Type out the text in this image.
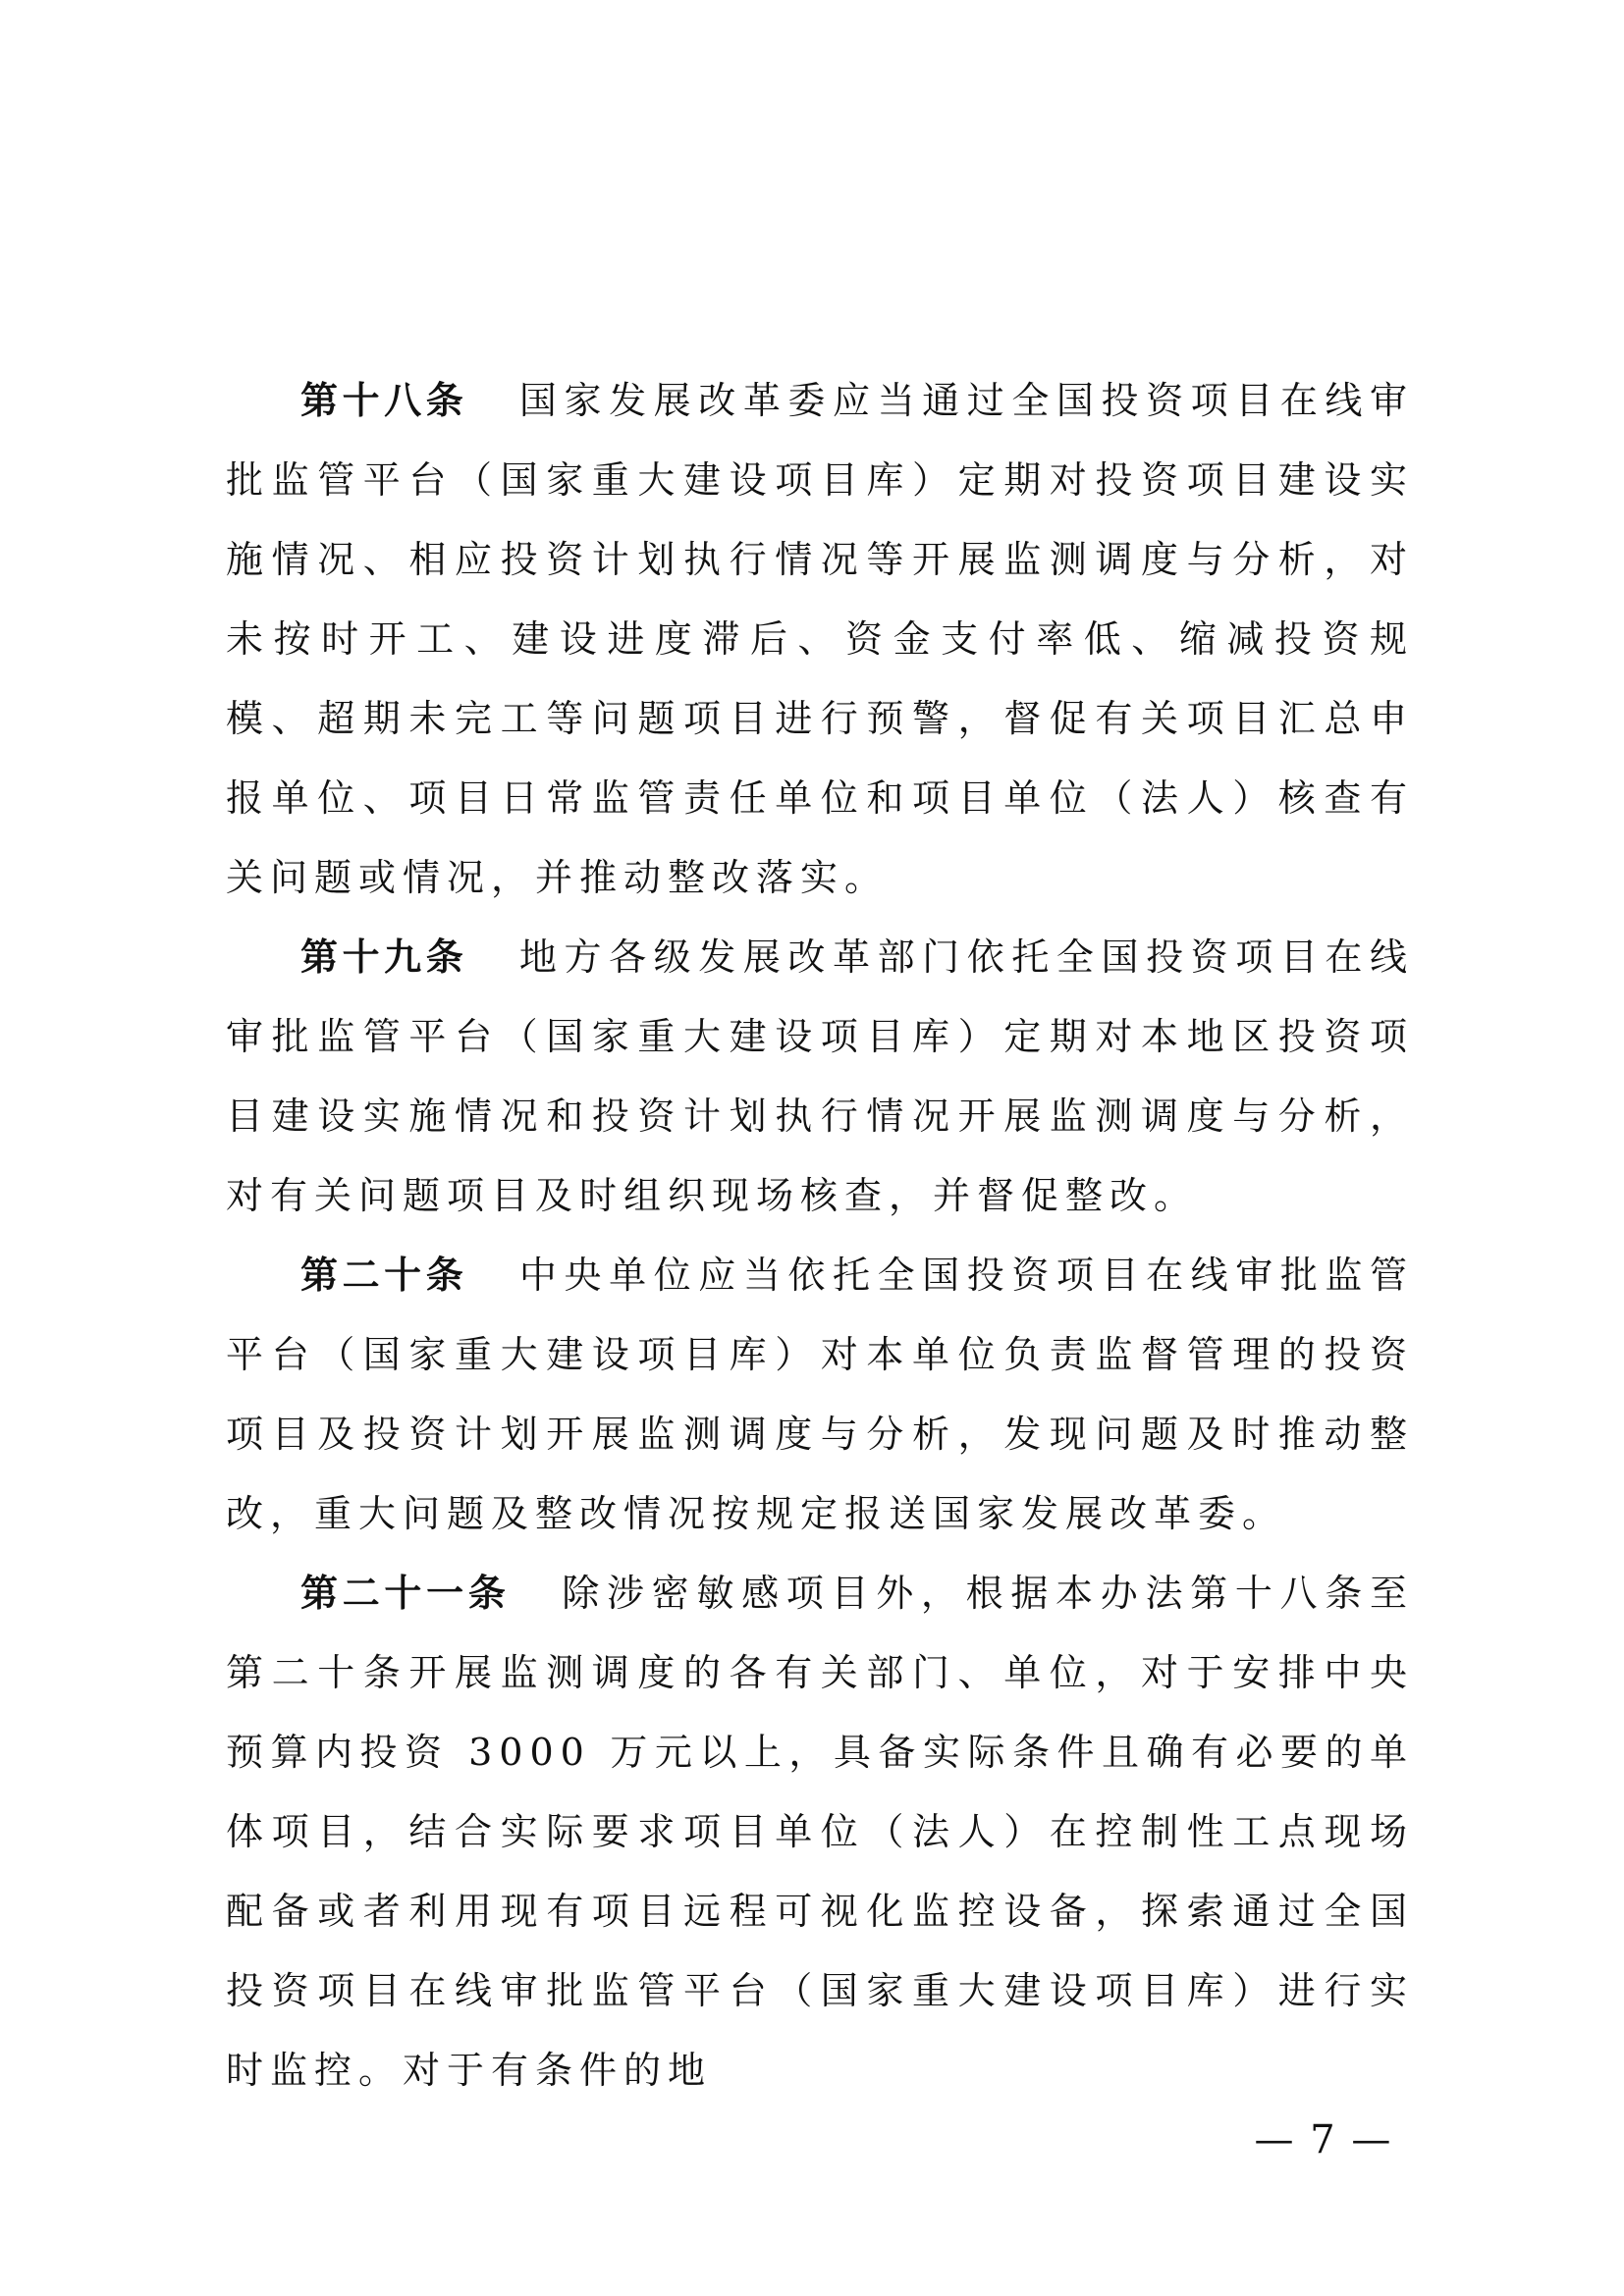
第十八条 国家发展改革委应当通过全国投资项目在线审批监管平台（国家重大建设项目库）定期对投资项目建设实施情况、相应投资计划执行情况等开展监测调度与分析，对未按时开工、建设进度滞后、资金支付率低、缩减投资规模、超期未完工等问题项目进行预警，督促有关项目汇总申报单位、项目日常监管责任单位和项目单位（法人）核查有关问题或情况，并推动整改落实。

第十九条 地方各级发展改革部门依托全国投资项目在线审批监管平台（国家重大建设项目库）定期对本地区投资项目建设实施情况和投资计划执行情况开展监测调度与分析，对有关问题项目及时组织现场核查，并督促整改。

第二十条 中央单位应当依托全国投资项目在线审批监管平台（国家重大建设项目库）对本单位负责监督管理的投资项目及投资计划开展监测调度与分析，发现问题及时推动整改，重大问题及整改情况按规定报送国家发展改革委。

第二十一条 除涉密敏感项目外，根据本办法第十八条至第二十条开展监测调度的各有关部门、单位，对于安排中央预算内投资 3000 万元以上，具备实际条件且确有必要的单体项目，结合实际要求项目单位（法人）在控制性工点现场配备或者利用现有项目远程可视化监控设备，探索通过全国投资项目在线审批监管平台（国家重大建设项目库）进行实时监控。对于有条件的地

— 7 —
